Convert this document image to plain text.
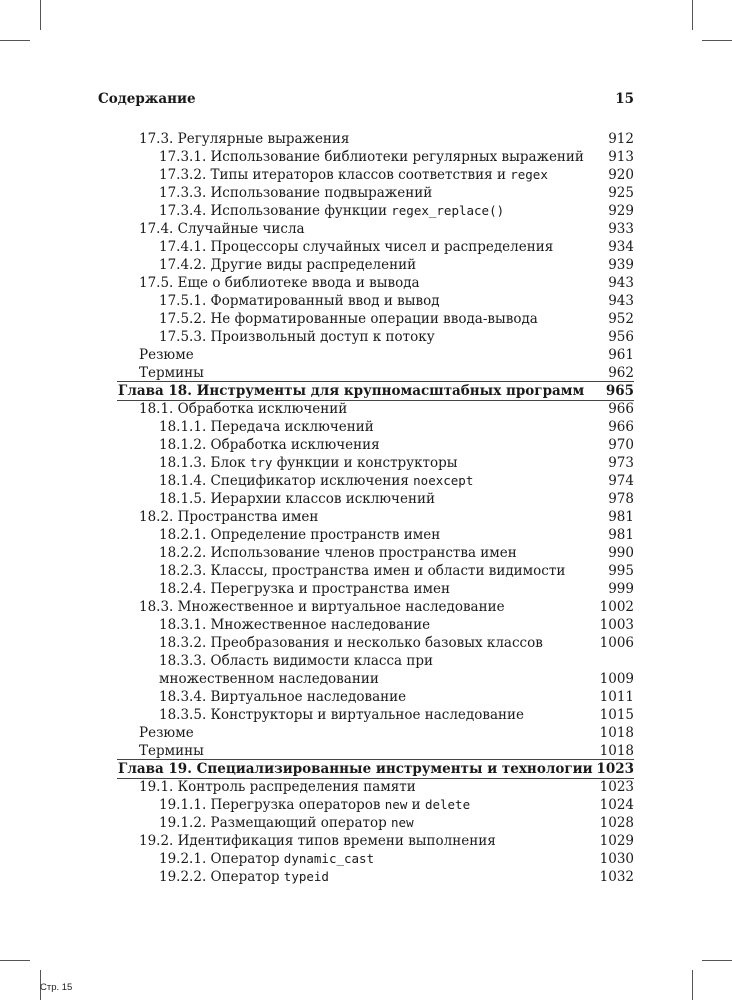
Содержание	15
17.3. Регулярные выражения	912
17.3.1. Использование библиотеки регулярных выражений 913
17.3.2. Типы итераторов классов соответствия и regex	920
17.3.3. Использование подвыражений	925
17.3.4. Использование функции regex_replace()	929
17.4. Случайные числа	933
17.4.1. Процессоры случайных чисел и распределения	934
17.4.2. Другие виды распределений	939
17.5. Еще о библиотеке ввода и вывода	943
17.5.1. Форматированный ввод и вывод	943
17.5.2. Не форматированные операции ввода-вывода	952
17.5.3. Произвольный доступ к потоку	956
Резюме	961
Термины	962
Глава 18. Инструменты для крупномасштабных программ 965
18.1. Обработка исключений	966
18.1.1. Передача исключений	966
18.1.2. Обработка исключения	970
18.1.3. Блок try функции и конструкторы	973
18.1.4. Спецификатор исключения noexcept	974
18.1.5. Иерархии классов исключений	978
18.2. Пространства имен	981
18.2.1. Определение пространств имен	981
18.2.2. Использование членов пространства имен	990
18.2.3. Классы, пространства имен и области видимости	995
18.2.4. Перегрузка и пространства имен	999
18.3. Множественное и виртуальное наследование	1002
18.3.1. Множественное наследование	1003
18.3.2. Преобразования и несколько базовых классов	1006
18.3.3. Область видимости класса при множественном наследовании	1009
18.3.4. Виртуальное наследование	1011
18.3.5. Конструкторы и виртуальное наследование	1015
Резюме	1018
Термины	1018
Глава 19. Специализированные инструменты и технологии 1023
19.1. Контроль распределения памяти	1023
19.1.1. Перегрузка операторов new и delete	1024
19.1.2. Размещающий оператор new	1028
19.2. Идентификация типов времени выполнения	1029
19.2.1. Оператор dynamic_cast	1030
19.2.2. Оператор typeid	1032
Стр. 15
